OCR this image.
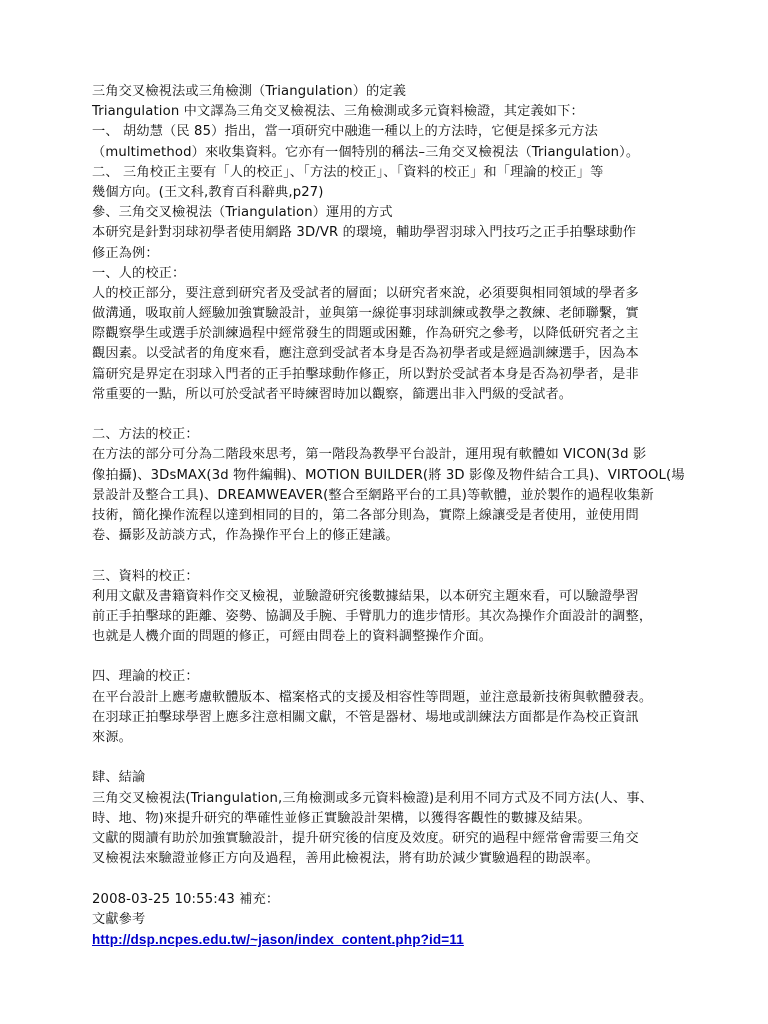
三角交叉檢視法或三角檢測（Triangulation）的定義
Triangulation 中文譯為三角交叉檢視法、三角檢測或多元資料檢證，其定義如下：
一、 胡幼慧（民 85）指出，當一項研究中融進一種以上的方法時，它便是採多元方法
（multimethod）來收集資料。它亦有一個特別的稱法–三角交叉檢視法（Triangulation）。
二、 三角校正主要有「人的校正」、「方法的校正」、「資料的校正」和「理論的校正」等
幾個方向。(王文科,教育百科辭典,p27)
參、三角交叉檢視法（Triangulation）運用的方式
本研究是針對羽球初學者使用網路 3D/VR 的環境，輔助學習羽球入門技巧之正手拍擊球動作
修正為例：
一、人的校正：
人的校正部分，要注意到研究者及受試者的層面；以研究者來說，必須要與相同領域的學者多
做溝通，吸取前人經驗加強實驗設計，並與第一線從事羽球訓練或教學之教練、老師聯繫，實
際觀察學生或選手於訓練過程中經常發生的問題或困難，作為研究之參考，以降低研究者之主
觀因素。以受試者的角度來看，應注意到受試者本身是否為初學者或是經過訓練選手，因為本
篇研究是界定在羽球入門者的正手拍擊球動作修正，所以對於受試者本身是否為初學者，是非
常重要的一點，所以可於受試者平時練習時加以觀察，篩選出非入門級的受試者。
二、方法的校正：
在方法的部分可分為二階段來思考，第一階段為教學平台設計，運用現有軟體如 VICON(3d 影
像拍攝)、3DsMAX(3d 物件編輯)、MOTION BUILDER(將 3D 影像及物件結合工具)、VIRTOOL(場
景設計及整合工具)、DREAMWEAVER(整合至網路平台的工具)等軟體，並於製作的過程收集新
技術，簡化操作流程以達到相同的目的，第二各部分則為，實際上線讓受是者使用，並使用問
卷、攝影及訪談方式，作為操作平台上的修正建議。
三、資料的校正：
利用文獻及書籍資料作交叉檢視，並驗證研究後數據結果，以本研究主題來看，可以驗證學習
前正手拍擊球的距離、姿勢、協調及手腕、手臂肌力的進步情形。其次為操作介面設計的調整，
也就是人機介面的問題的修正，可經由問卷上的資料調整操作介面。
四、理論的校正：
在平台設計上應考慮軟體版本、檔案格式的支援及相容性等問題，並注意最新技術與軟體發表。
在羽球正拍擊球學習上應多注意相關文獻，不管是器材、場地或訓練法方面都是作為校正資訊
來源。
肆、結論
三角交叉檢視法(Triangulation,三角檢測或多元資料檢證)是利用不同方式及不同方法(人、事、
時、地、物)來提升研究的準確性並修正實驗設計架構，以獲得客觀性的數據及結果。
文獻的閱讀有助於加強實驗設計，提升研究後的信度及效度。研究的過程中經常會需要三角交
叉檢視法來驗證並修正方向及過程，善用此檢視法，將有助於減少實驗過程的勘誤率。
2008-03-25 10:55:43 補充：
文獻參考
http://dsp.ncpes.edu.tw/~jason/index_content.php?id=11
